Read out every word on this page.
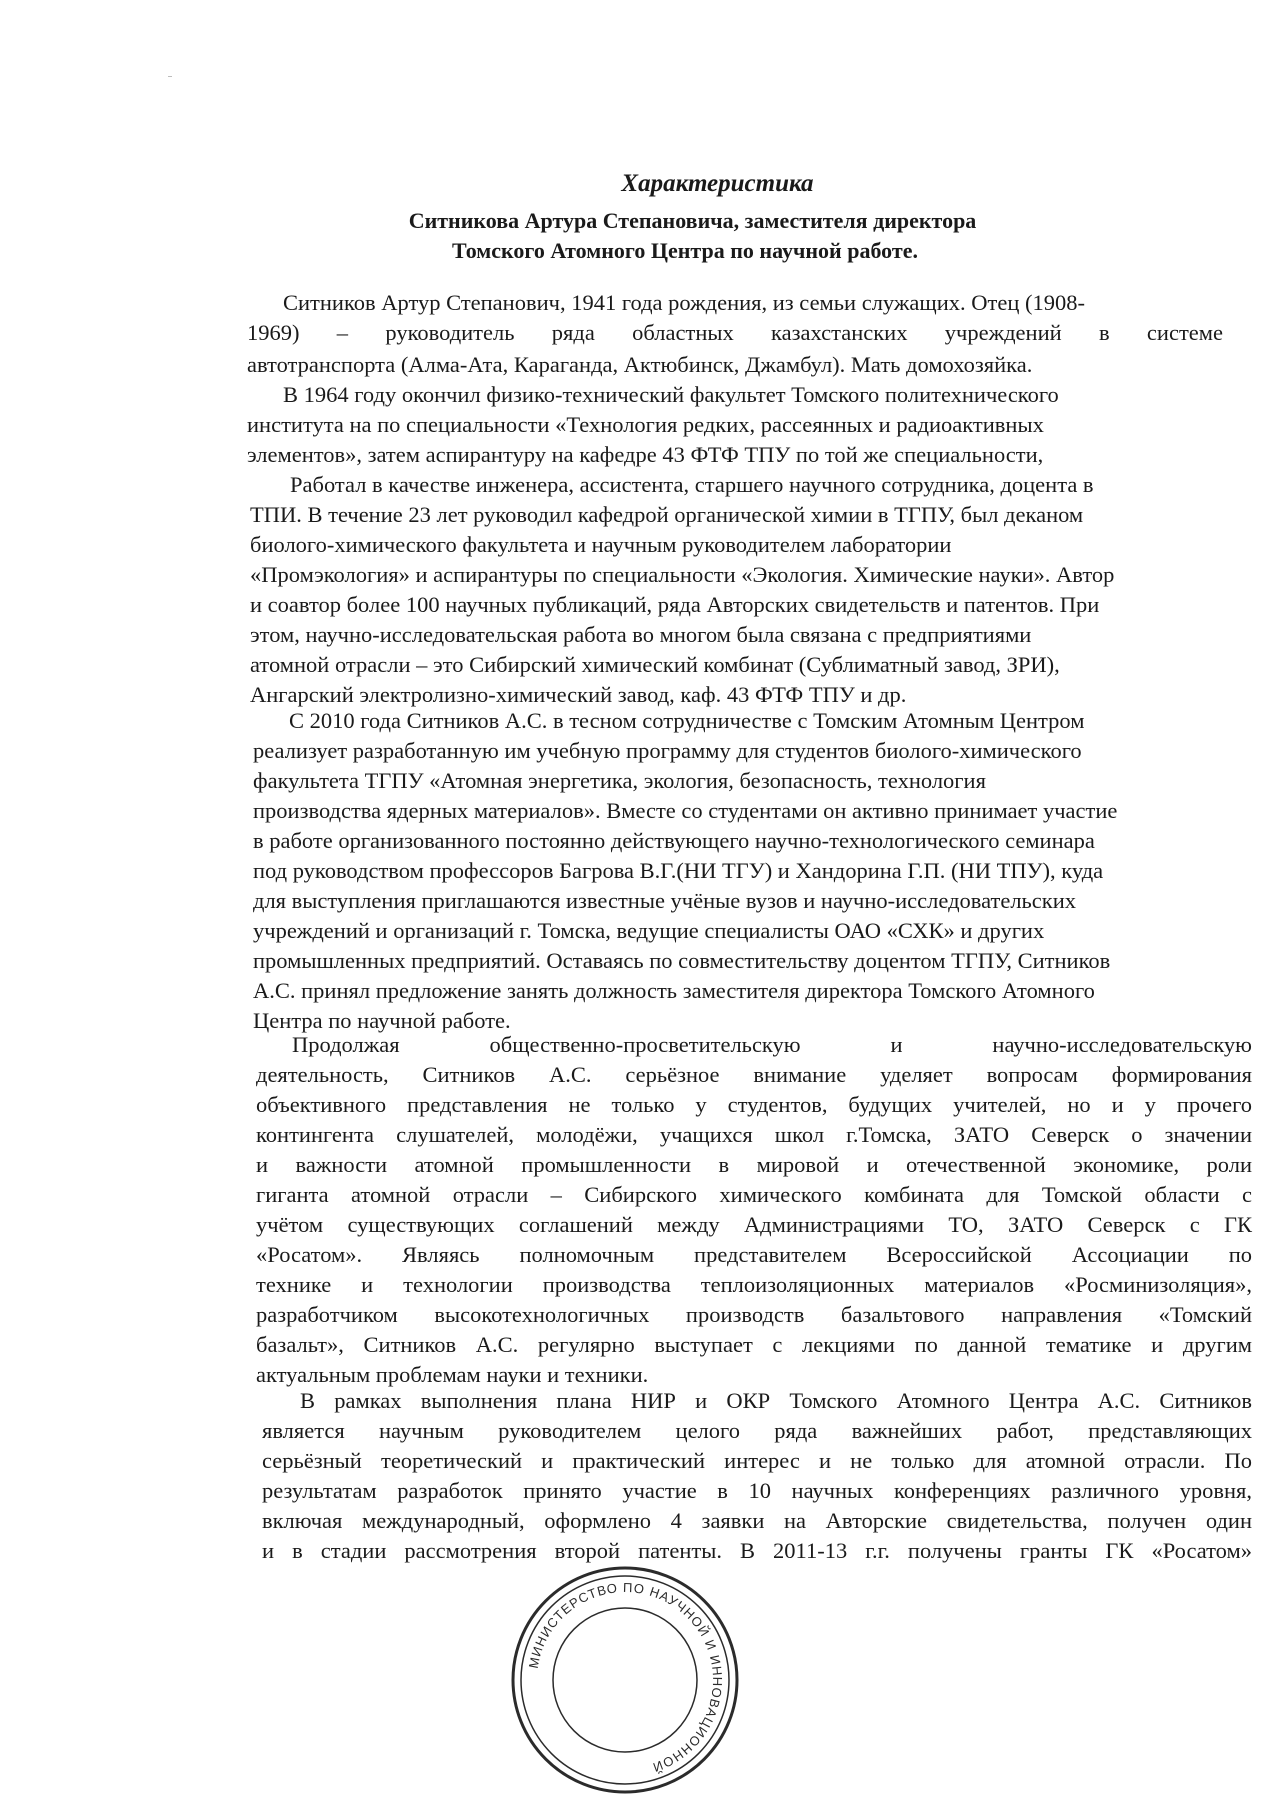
Характеристика
Ситникова Артура Степановича, заместителя директора
Томского Атомного Центра по научной работе.
Ситников Артур Степанович, 1941 года рождения, из семьи служащих. Отец (1908-
1969) – руководитель ряда областных казахстанских учреждений в системе
автотранспорта (Алма-Ата, Караганда, Актюбинск, Джамбул). Мать домохозяйка.
В 1964 году окончил физико-технический факультет Томского политехнического
института на по специальности «Технология редких, рассеянных и радиоактивных
элементов», затем аспирантуру на кафедре 43 ФТФ ТПУ по той же специальности,
Работал в качестве инженера, ассистента, старшего научного сотрудника, доцента в
ТПИ. В течение 23 лет руководил кафедрой органической химии в ТГПУ, был деканом
биолого-химического факультета и научным руководителем лаборатории
«Промэкология» и аспирантуры по специальности «Экология. Химические науки». Автор
и соавтор более 100 научных публикаций, ряда Авторских свидетельств и патентов. При
этом, научно-исследовательская работа во многом была связана с предприятиями
атомной отрасли – это Сибирский химический комбинат (Сублиматный завод, ЗРИ),
Ангарский электролизно-химический завод, каф. 43 ФТФ ТПУ и др.
С 2010 года Ситников А.С. в тесном сотрудничестве с Томским Атомным Центром
реализует разработанную им учебную программу для студентов биолого-химического
факультета ТГПУ «Атомная энергетика, экология, безопасность, технология
производства ядерных материалов». Вместе со студентами он активно принимает участие
в работе организованного постоянно действующего научно-технологического семинара
под руководством профессоров Багрова В.Г.(НИ ТГУ) и Хандорина Г.П. (НИ ТПУ), куда
для выступления приглашаются известные учёные вузов и научно-исследовательских
учреждений и организаций г. Томска, ведущие специалисты ОАО «СХК» и других
промышленных предприятий. Оставаясь по совместительству доцентом ТГПУ, Ситников
А.С. принял предложение занять должность заместителя директора Томского Атомного
Центра по научной работе.
Продолжая общественно-просветительскую и научно-исследовательскую
деятельность, Ситников А.С. серьёзное внимание уделяет вопросам формирования
объективного представления не только у студентов, будущих учителей, но и у прочего
контингента слушателей, молодёжи, учащихся школ г.Томска, ЗАТО Северск о значении
и важности атомной промышленности в мировой и отечественной экономике, роли
гиганта атомной отрасли – Сибирского химического комбината для Томской области с
учётом существующих соглашений между Администрациями ТО, ЗАТО Северск с ГК
«Росатом». Являясь полномочным представителем Всероссийской Ассоциации по
технике и технологии производства теплоизоляционных материалов «Росминизоляция»,
разработчиком высокотехнологичных производств базальтового направления «Томский
базальт», Ситников А.С. регулярно выступает с лекциями по данной тематике и другим
актуальным проблемам науки и техники.
В рамках выполнения плана НИР и ОКР Томского Атомного Центра А.С. Ситников
является научным руководителем целого ряда важнейших работ, представляющих
серьёзный теоретический и практический интерес и не только для атомной отрасли. По
результатам разработок принято участие в 10 научных конференциях различного уровня,
включая международный, оформлено 4 заявки на Авторские свидетельства, получен один
и в стадии рассмотрения второй патенты. В 2011-13 г.г. получены гранты ГК «Росатом»
МИНИСТЕРСТВО ПО НАУЧНОЙ И ИННОВАЦИОННОЙ
